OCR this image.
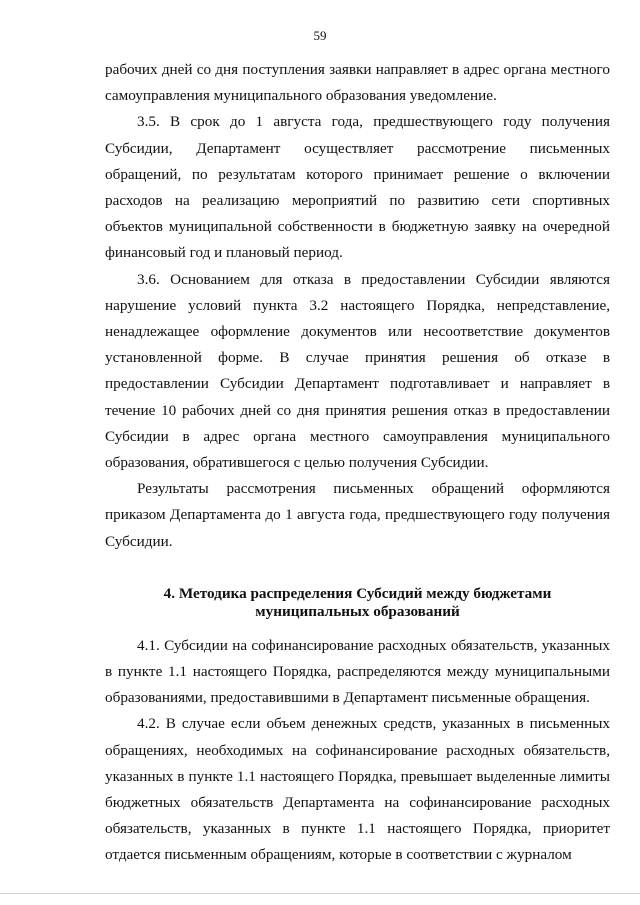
59

рабочих дней со дня поступления заявки направляет в адрес органа местного самоуправления муниципального образования уведомление.

3.5. В срок до 1 августа года, предшествующего году получения Субсидии, Департамент осуществляет рассмотрение письменных обращений, по результатам которого принимает решение о включении расходов на реализацию мероприятий по развитию сети спортивных объектов муниципальной собственности в бюджетную заявку на очередной финансовый год и плановый период.

3.6. Основанием для отказа в предоставлении Субсидии являются нарушение условий пункта 3.2 настоящего Порядка, непредставление, ненадлежащее оформление документов или несоответствие документов установленной форме. В случае принятия решения об отказе в предоставлении Субсидии Департамент подготавливает и направляет в течение 10 рабочих дней со дня принятия решения отказ в предоставлении Субсидии в адрес органа местного самоуправления муниципального образования, обратившегося с целью получения Субсидии.

Результаты рассмотрения письменных обращений оформляются приказом Департамента до 1 августа года, предшествующего году получения Субсидии.

4. Методика распределения Субсидий между бюджетами
муниципальных образований

4.1. Субсидии на софинансирование расходных обязательств, указанных в пункте 1.1 настоящего Порядка, распределяются между муниципальными образованиями, предоставившими в Департамент письменные обращения.

4.2. В случае если объем денежных средств, указанных в письменных обращениях, необходимых на софинансирование расходных обязательств, указанных в пункте 1.1 настоящего Порядка, превышает выделенные лимиты бюджетных обязательств Департамента на софинансирование расходных обязательств, указанных в пункте 1.1 настоящего Порядка, приоритет отдается письменным обращениям, которые в соответствии с журналом
